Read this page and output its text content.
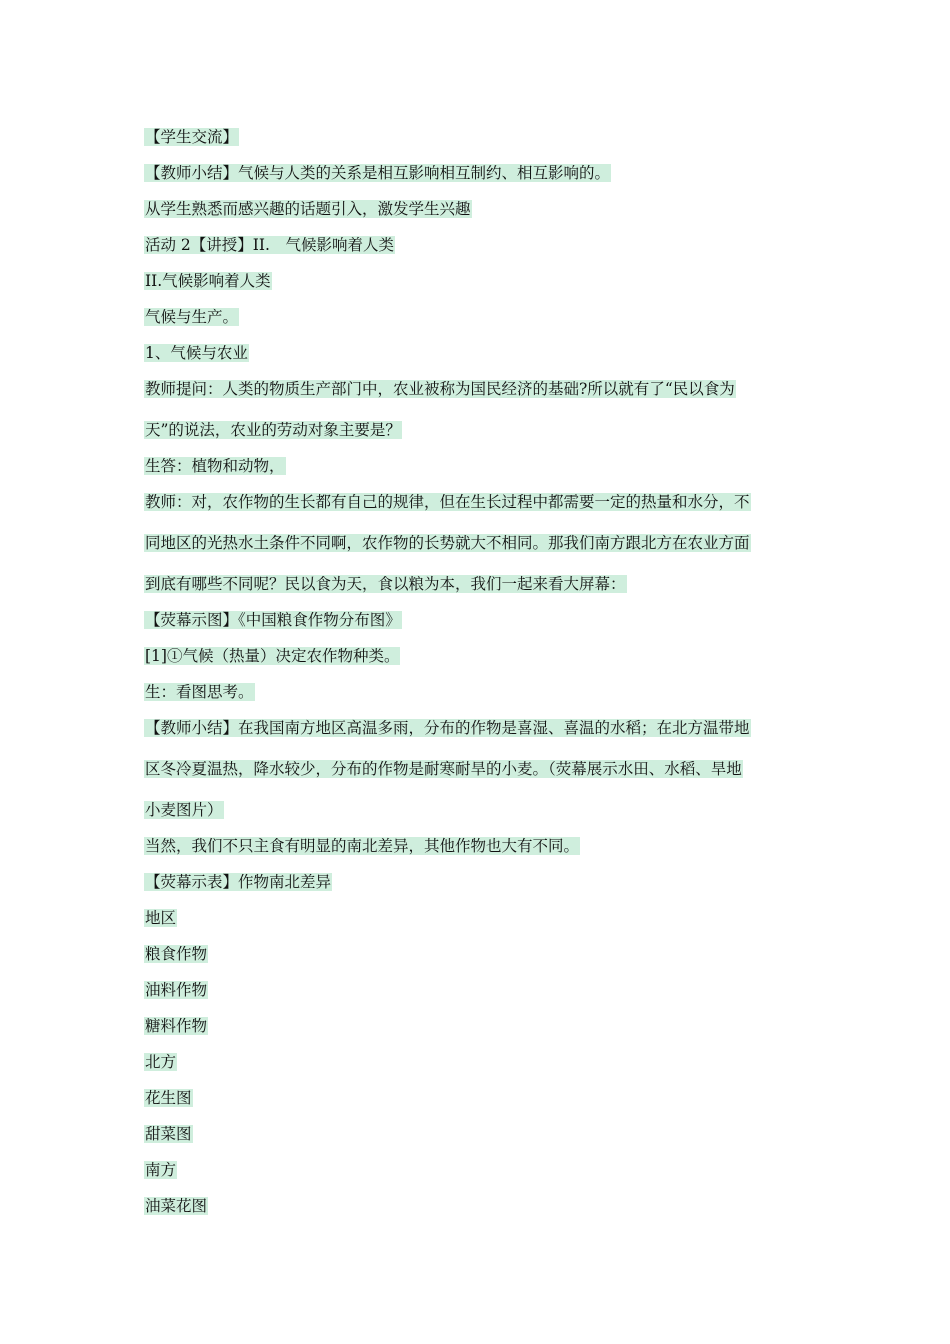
【学生交流】
【教师小结】气候与人类的关系是相互影响相互制约、相互影响的。
从学生熟悉而感兴趣的话题引入，激发学生兴趣
活动 2【讲授】II.　气候影响着人类
II.气候影响着人类
气候与生产。
1、气候与农业
教师提问：人类的物质生产部门中，农业被称为国民经济的基础?所以就有了“民以食为
天”的说法，农业的劳动对象主要是？
生答：植物和动物，
教师：对，农作物的生长都有自己的规律，但在生长过程中都需要一定的热量和水分，不
同地区的光热水土条件不同啊，农作物的长势就大不相同。那我们南方跟北方在农业方面
到底有哪些不同呢？民以食为天，食以粮为本，我们一起来看大屏幕：
【荧幕示图】《中国粮食作物分布图》
[1]①气候（热量）决定农作物种类。
生：看图思考。
【教师小结】在我国南方地区高温多雨，分布的作物是喜湿、喜温的水稻；在北方温带地
区冬冷夏温热，降水较少，分布的作物是耐寒耐旱的小麦。（荧幕展示水田、水稻、旱地
小麦图片）
当然，我们不只主食有明显的南北差异，其他作物也大有不同。
【荧幕示表】作物南北差异
地区
粮食作物
油料作物
糖料作物
北方
花生图
甜菜图
南方
油菜花图
